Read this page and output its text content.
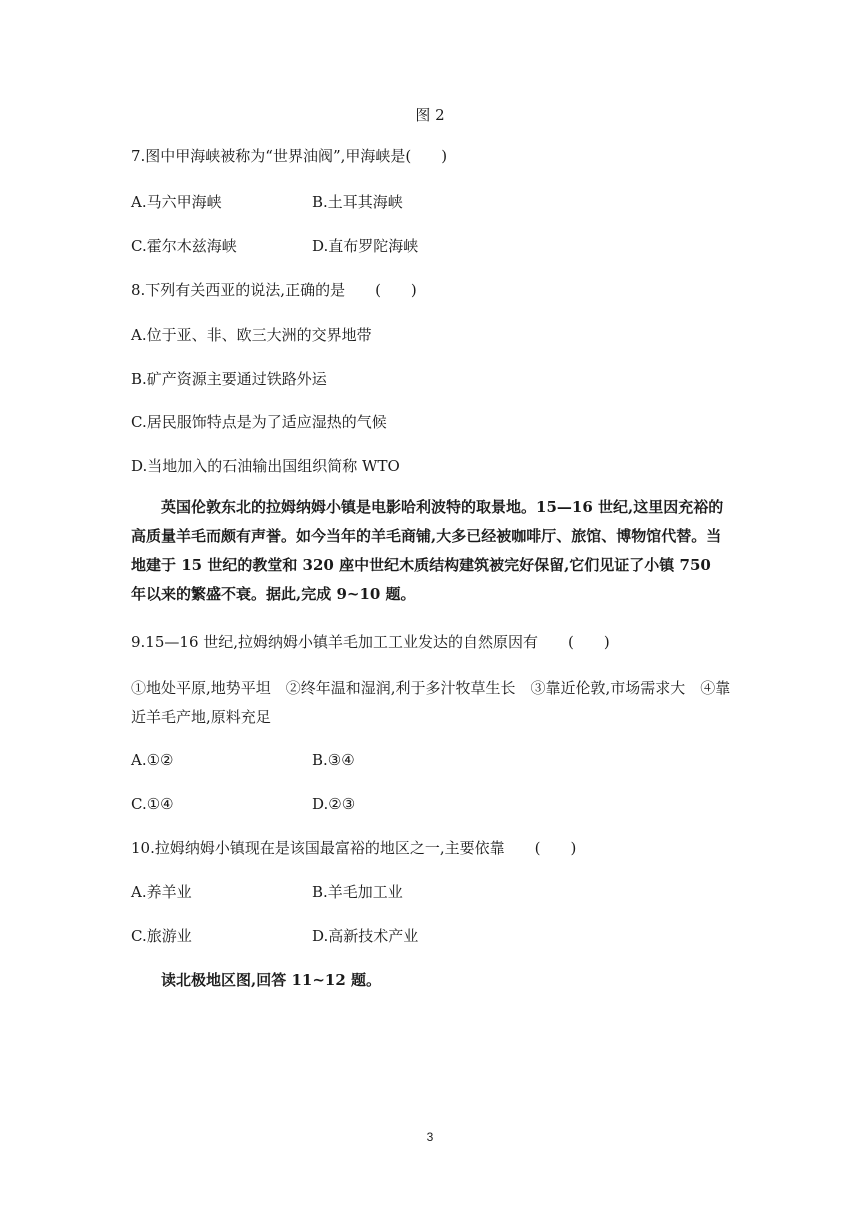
图 2
7.图中甲海峡被称为“世界油阀”,甲海峡是(　　)
A.马六甲海峡	B.土耳其海峡
C.霍尔木兹海峡	D.直布罗陀海峡
8.下列有关西亚的说法,正确的是　　(　　)
A.位于亚、非、欧三大洲的交界地带
B.矿产资源主要通过铁路外运
C.居民服饰特点是为了适应湿热的气候
D.当地加入的石油输出国组织简称 WTO
英国伦敦东北的拉姆纳姆小镇是电影哈利波特的取景地。15—16 世纪,这里因充裕的高质量羊毛而颇有声誉。如今当年的羊毛商铺,大多已经被咖啡厅、旅馆、博物馆代替。当地建于 15 世纪的教堂和 320 座中世纪木质结构建筑被完好保留,它们见证了小镇 750 年以来的繁盛不衰。据此,完成 9~10 题。
9.15—16 世纪,拉姆纳姆小镇羊毛加工工业发达的自然原因有　　(　　)
①地处平原,地势平坦　②终年温和湿润,利于多汁牧草生长　③靠近伦敦,市场需求大　④靠近羊毛产地,原料充足
A.①②	B.③④
C.①④	D.②③
10.拉姆纳姆小镇现在是该国最富裕的地区之一,主要依靠　　(　　)
A.养羊业	B.羊毛加工业
C.旅游业	D.高新技术产业
读北极地区图,回答 11~12 题。
3
